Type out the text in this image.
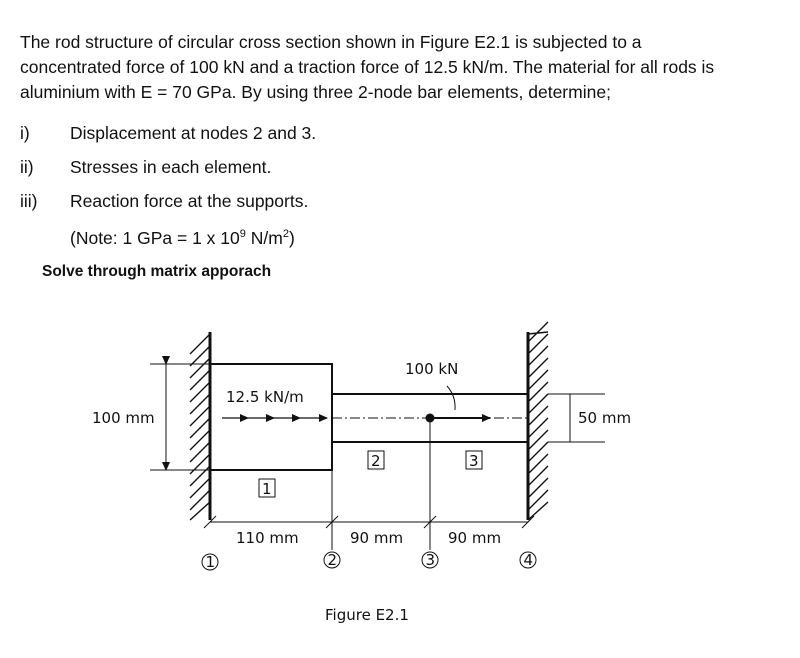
The rod structure of circular cross section shown in Figure E2.1 is subjected to a
concentrated force of 100 kN and a traction force of 12.5 kN/m. The material for all rods is
aluminium with E = 70 GPa. By using three 2-node bar elements, determine;
i) Displacement at nodes 2 and 3.
ii) Stresses in each element.
iii) Reaction force at the supports.
(Note: 1 GPa = 1 x $10^9$ $N/m^2$)
Solve through matrix apporach
12.5 kN/m
100 kN
100 mm	50 mm
1
2	3
110 mm	90 mm	90 mm
1	2	3	4
Figure E2.1
